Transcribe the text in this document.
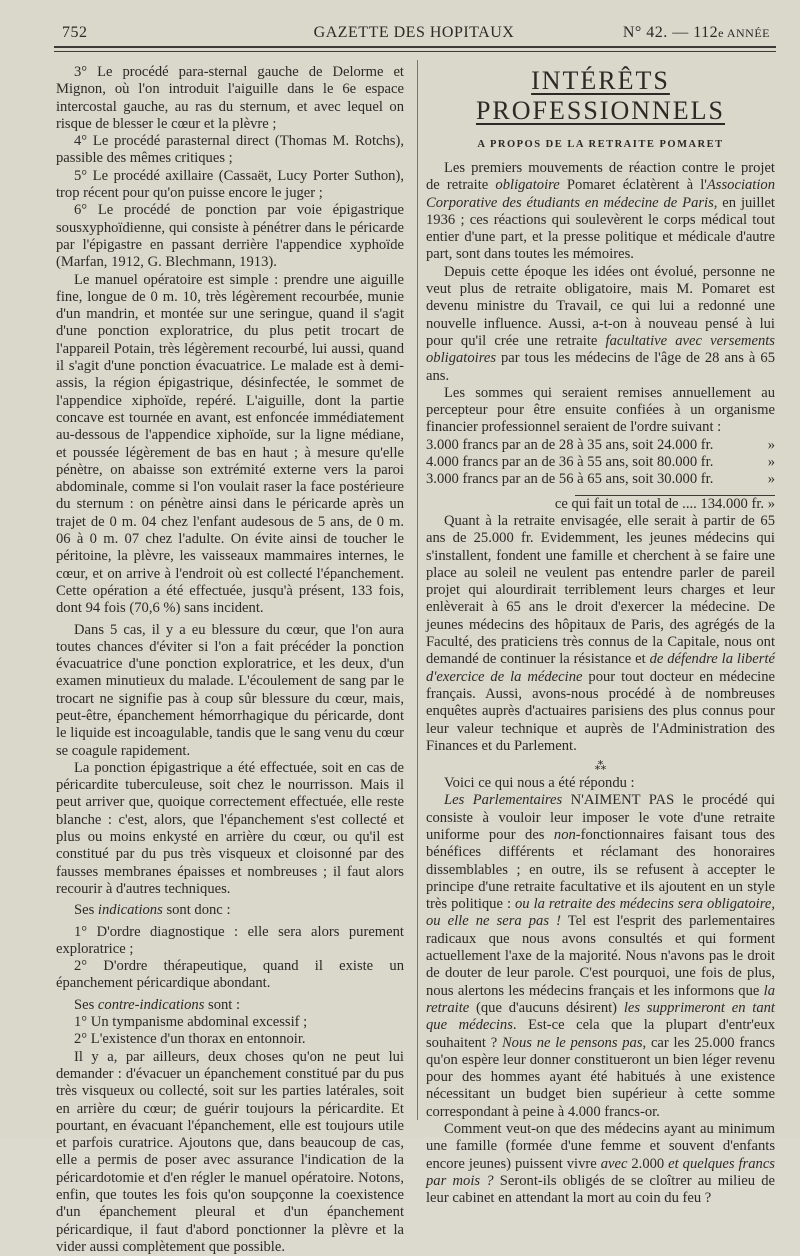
752	GAZETTE DES HOPITAUX	N° 42. — 112e ANNÉE

3° Le procédé para-sternal gauche de Delorme et Mignon, où l'on introduit l'aiguille dans le 6e espace intercostal gauche, au ras du sternum, et avec lequel on risque de blesser le cœur et la plèvre ;

4° Le procédé parasternal direct (Thomas M. Rotchs), passible des mêmes critiques ;

5° Le procédé axillaire (Cassaët, Lucy Porter Suthon), trop récent pour qu'on puisse encore le juger ;

6° Le procédé de ponction par voie épigastrique sousxyphoïdienne, qui consiste à pénétrer dans le péricarde par l'épigastre en passant derrière l'appendice xyphoïde (Marfan, 1912, G. Blechmann, 1913).

Le manuel opératoire est simple : prendre une aiguille fine, longue de 0 m. 10, très légèrement recourbée, munie d'un mandrin, et montée sur une seringue, quand il s'agit d'une ponction exploratrice, du plus petit trocart de l'appareil Potain, très légèrement recourbé, lui aussi, quand il s'agit d'une ponction évacuatrice. Le malade est à demi-assis, la région épigastrique, désinfectée, le sommet de l'appendice xiphoïde, repéré. L'aiguille, dont la partie concave est tournée en avant, est enfoncée immédiatement au-dessous de l'appendice xiphoïde, sur la ligne médiane, et poussée légèrement de bas en haut ; à mesure qu'elle pénètre, on abaisse son extrémité externe vers la paroi abdominale, comme si l'on voulait raser la face postérieure du sternum : on pénètre ainsi dans le péricarde après un trajet de 0 m. 04 chez l'enfant audesous de 5 ans, de 0 m. 06 à 0 m. 07 chez l'adulte. On évite ainsi de toucher le péritoine, la plèvre, les vaisseaux mammaires internes, le cœur, et on arrive à l'endroit où est collecté l'épanchement. Cette opération a été effectuée, jusqu'à présent, 133 fois, dont 94 fois (70,6 %) sans incident.

Dans 5 cas, il y a eu blessure du cœur, que l'on aura toutes chances d'éviter si l'on a fait précéder la ponction évacuatrice d'une ponction exploratrice, et les deux, d'un examen minutieux du malade. L'écoulement de sang par le trocart ne signifie pas à coup sûr blessure du cœur, mais, peut-être, épanchement hémorrhagique du péricarde, dont le liquide est incoagulable, tandis que le sang venu du cœur se coagule rapidement.

La ponction épigastrique a été effectuée, soit en cas de péricardite tuberculeuse, soit chez le nourrisson. Mais il peut arriver que, quoique correctement effectuée, elle reste blanche : c'est, alors, que l'épanchement s'est collecté et plus ou moins enkysté en arrière du cœur, ou qu'il est constitué par du pus très visqueux et cloisonné par des fausses membranes épaisses et nombreuses ; il faut alors recourir à d'autres techniques.

Ses indications sont donc :

1° D'ordre diagnostique : elle sera alors purement exploratrice ;

2° D'ordre thérapeutique, quand il existe un épanchement péricardique abondant.

Ses contre-indications sont :

1° Un tympanisme abdominal excessif ;

2° L'existence d'un thorax en entonnoir.

Il y a, par ailleurs, deux choses qu'on ne peut lui demander : d'évacuer un épanchement constitué par du pus très visqueux ou collecté, soit sur les parties latérales, soit en arrière du cœur; de guérir toujours la péricardite. Et pourtant, en évacuant l'épanchement, elle est toujours utile et parfois curatrice. Ajoutons que, dans beaucoup de cas, elle a permis de poser avec assurance l'indication de la péricardotomie et d'en régler le manuel opératoire. Notons, enfin, que toutes les fois qu'on soupçonne la coexistence d'un épanchement pleural et d'un épanchement péricardique, il faut d'abord ponctionner la plèvre et la vider aussi complètement que possible.

INTÉRÊTS PROFESSIONNELS
A PROPOS DE LA RETRAITE POMARET

Les premiers mouvements de réaction contre le projet de retraite obligatoire Pomaret éclatèrent à l'Association Corporative des étudiants en médecine de Paris, en juillet 1936 ; ces réactions qui soulevèrent le corps médical tout entier d'une part, et la presse politique et médicale d'autre part, sont dans toutes les mémoires.

Depuis cette époque les idées ont évolué, personne ne veut plus de retraite obligatoire, mais M. Pomaret est devenu ministre du Travail, ce qui lui a redonné une nouvelle influence. Aussi, a-t-on à nouveau pensé à lui pour qu'il crée une retraite facultative avec versements obligatoires par tous les médecins de l'âge de 28 ans à 65 ans.

Les sommes qui seraient remises annuellement au percepteur pour être ensuite confiées à un organisme financier professionnel seraient de l'ordre suivant :

3.000 francs par an de 28 à 35 ans, soit 24.000 fr.	»
4.000 francs par an de 36 à 55 ans, soit 80.000 fr.	»
3.000 francs par an de 56 à 65 ans, soit 30.000 fr.	»

ce qui fait un total de .... 134.000 fr. »

Quant à la retraite envisagée, elle serait à partir de 65 ans de 25.000 fr. Evidemment, les jeunes médecins qui s'installent, fondent une famille et cherchent à se faire une place au soleil ne veulent pas entendre parler de pareil projet qui alourdirait terriblement leurs charges et leur enlèverait à 65 ans le droit d'exercer la médecine. De jeunes médecins des hôpitaux de Paris, des agrégés de la Faculté, des praticiens très connus de la Capitale, nous ont demandé de continuer la résistance et de défendre la liberté d'exercice de la médecine pour tout docteur en médecine français. Aussi, avons-nous procédé à de nombreuses enquêtes auprès d'actuaires parisiens des plus connus pour leur valeur technique et auprès de l'Administration des Finances et du Parlement.

⁂

Voici ce qui nous a été répondu :

Les Parlementaires N'AIMENT PAS le procédé qui consiste à vouloir leur imposer le vote d'une retraite uniforme pour des non-fonctionnaires faisant tous des bénéfices différents et réclamant des honoraires dissemblables ; en outre, ils se refusent à accepter le principe d'une retraite facultative et ils ajoutent en un style très politique : ou la retraite des médecins sera obligatoire, ou elle ne sera pas ! Tel est l'esprit des parlementaires radicaux que nous avons consultés et qui forment actuellement l'axe de la majorité. Nous n'avons pas le droit de douter de leur parole. C'est pourquoi, une fois de plus, nous alertons les médecins français et les informons que la retraite (que d'aucuns désirent) les supprimeront en tant que médecins. Est-ce cela que la plupart d'entr'eux souhaitent ? Nous ne le pensons pas, car les 25.000 francs qu'on espère leur donner constitueront un bien léger revenu pour des hommes ayant été habitués à une existence nécessitant un budget bien supérieur à cette somme correspondant à peine à 4.000 francs-or.

Comment veut-on que des médecins ayant au minimum une famille (formée d'une femme et souvent d'enfants encore jeunes) puissent vivre avec 2.000 et quelques francs par mois ? Seront-ils obligés de se cloîtrer au milieu de leur cabinet en attendant la mort au coin du feu ?
